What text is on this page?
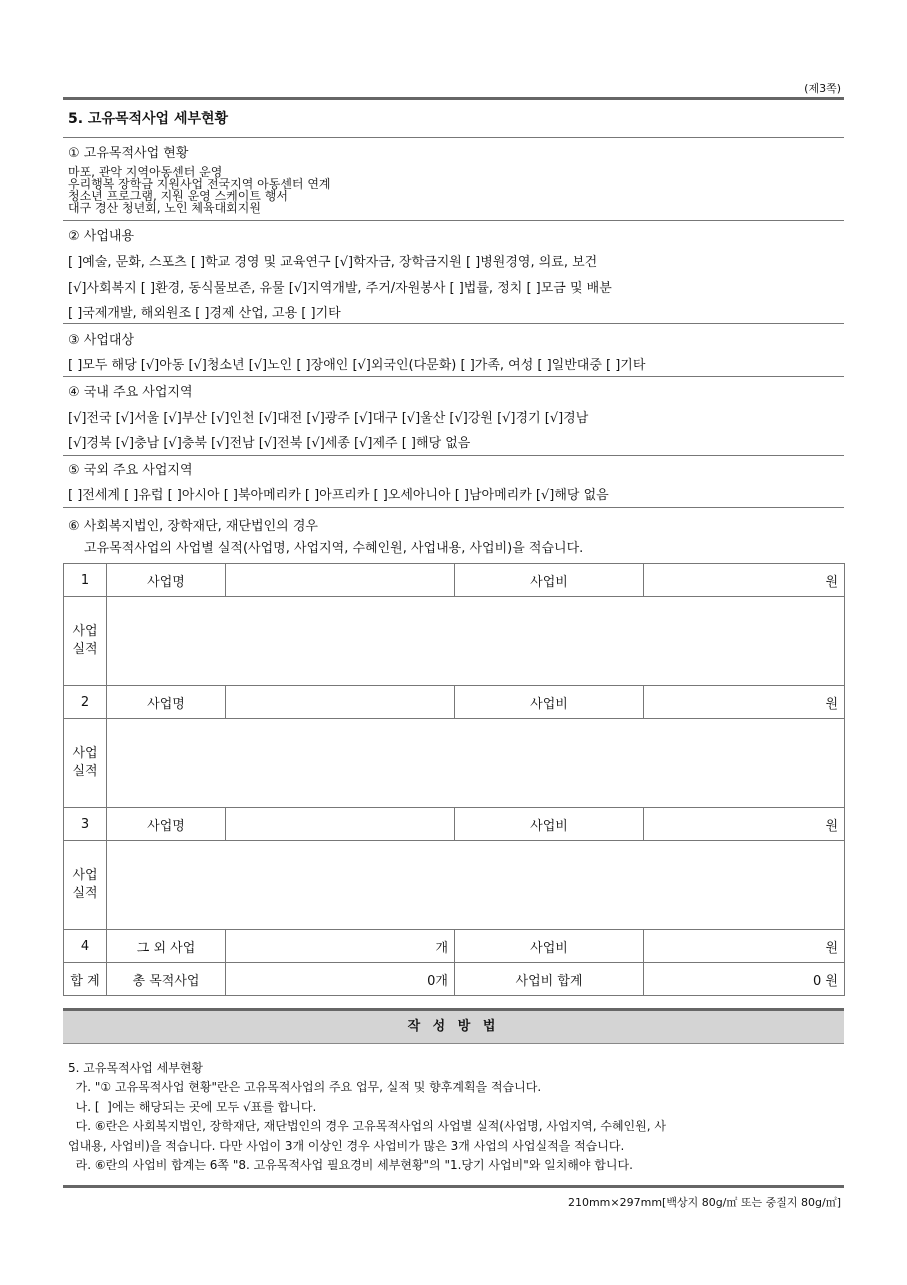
(제3쪽)
5. 고유목적사업 세부현황
① 고유목적사업 현황
마포, 관악 지역아동센터 운영
우리행복 장학금 지원사업 전국지역 아동센터 연계
청소년 프로그램, 지원 운영 스케이트 행서
대구 경산 청년회, 노인 체육대회지원
② 사업내용
[ ]예술, 문화, 스포츠 [ ]학교 경영 및 교육연구 [√]학자금, 장학금지원 [ ]병원경영, 의료, 보건
[√]사회복지 [ ]환경, 동식물보존, 유물 [√]지역개발, 주거/자원봉사 [ ]법률, 정치 [ ]모금 및 배분
[ ]국제개발, 해외원조 [ ]경제 산업, 고용 [ ]기타
③ 사업대상
[ ]모두 해당 [√]아동 [√]청소년 [√]노인 [ ]장애인 [√]외국인(다문화) [ ]가족, 여성 [ ]일반대중 [ ]기타
④ 국내 주요 사업지역
[√]전국 [√]서울 [√]부산 [√]인천 [√]대전 [√]광주 [√]대구 [√]울산 [√]강원 [√]경기 [√]경남
[√]경북 [√]충남 [√]충북 [√]전남 [√]전북 [√]세종 [√]제주 [ ]해당 없음
⑤ 국외 주요 사업지역
[ ]전세계 [ ]유럽 [ ]아시아 [ ]북아메리카 [ ]아프리카 [ ]오세아니아 [ ]남아메리카 [√]해당 없음
⑥ 사회복지법인, 장학재단, 재단법인의 경우
고유목적사업의 사업별 실적(사업명, 사업지역, 수혜인원, 사업내용, 사업비)을 적습니다.
1	사업명		사업비	원
사업
실적				
2	사업명		사업비	원
사업
실적				
3	사업명		사업비	원
사업
실적				
4	그 외 사업	개	사업비	원
합 계	총 목적사업	0개	사업비 합계	0 원
작 성 방 법
5. 고유목적사업 세부현황
가. "① 고유목적사업 현황"란은 고유목적사업의 주요 업무, 실적 및 향후계획을 적습니다.
나. [  ]에는 해당되는 곳에 모두 √표를 합니다.
다. ⑥란은 사회복지법인, 장학재단, 재단법인의 경우 고유목적사업의 사업별 실적(사업명, 사업지역, 수혜인원, 사
업내용, 사업비)을 적습니다. 다만 사업이 3개 이상인 경우 사업비가 많은 3개 사업의 사업실적을 적습니다.
라. ⑥란의 사업비 합계는 6쪽 "8. 고유목적사업 필요경비 세부현황"의 "1.당기 사업비"와 일치해야 합니다.
210mm×297mm[백상지 80g/㎡ 또는 중질지 80g/㎡]
